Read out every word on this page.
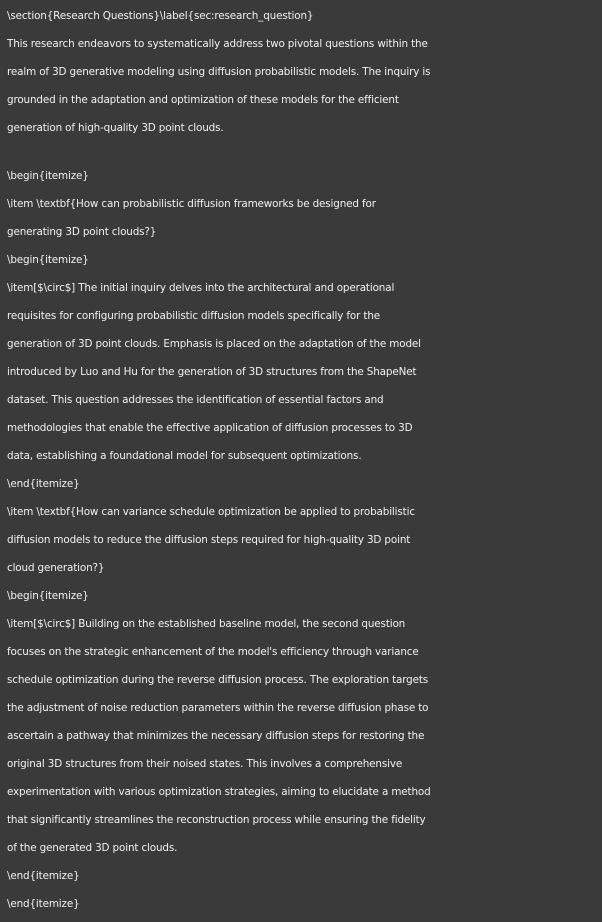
\section{Research Questions}\label{sec:research_question}
This research endeavors to systematically address two pivotal questions within the
realm of 3D generative modeling using diffusion probabilistic models. The inquiry is
grounded in the adaptation and optimization of these models for the efficient
generation of high-quality 3D point clouds.
\begin{itemize}
\item \textbf{How can probabilistic diffusion frameworks be designed for
generating 3D point clouds?}
\begin{itemize}
\item[$\circ$] The initial inquiry delves into the architectural and operational
requisites for configuring probabilistic diffusion models specifically for the
generation of 3D point clouds. Emphasis is placed on the adaptation of the model
introduced by Luo and Hu for the generation of 3D structures from the ShapeNet
dataset. This question addresses the identification of essential factors and
methodologies that enable the effective application of diffusion processes to 3D
data, establishing a foundational model for subsequent optimizations.
\end{itemize}
\item \textbf{How can variance schedule optimization be applied to probabilistic
diffusion models to reduce the diffusion steps required for high-quality 3D point
cloud generation?}
\begin{itemize}
\item[$\circ$] Building on the established baseline model, the second question
focuses on the strategic enhancement of the model's efficiency through variance
schedule optimization during the reverse diffusion process. The exploration targets
the adjustment of noise reduction parameters within the reverse diffusion phase to
ascertain a pathway that minimizes the necessary diffusion steps for restoring the
original 3D structures from their noised states. This involves a comprehensive
experimentation with various optimization strategies, aiming to elucidate a method
that significantly streamlines the reconstruction process while ensuring the fidelity
of the generated 3D point clouds.
\end{itemize}
\end{itemize}
